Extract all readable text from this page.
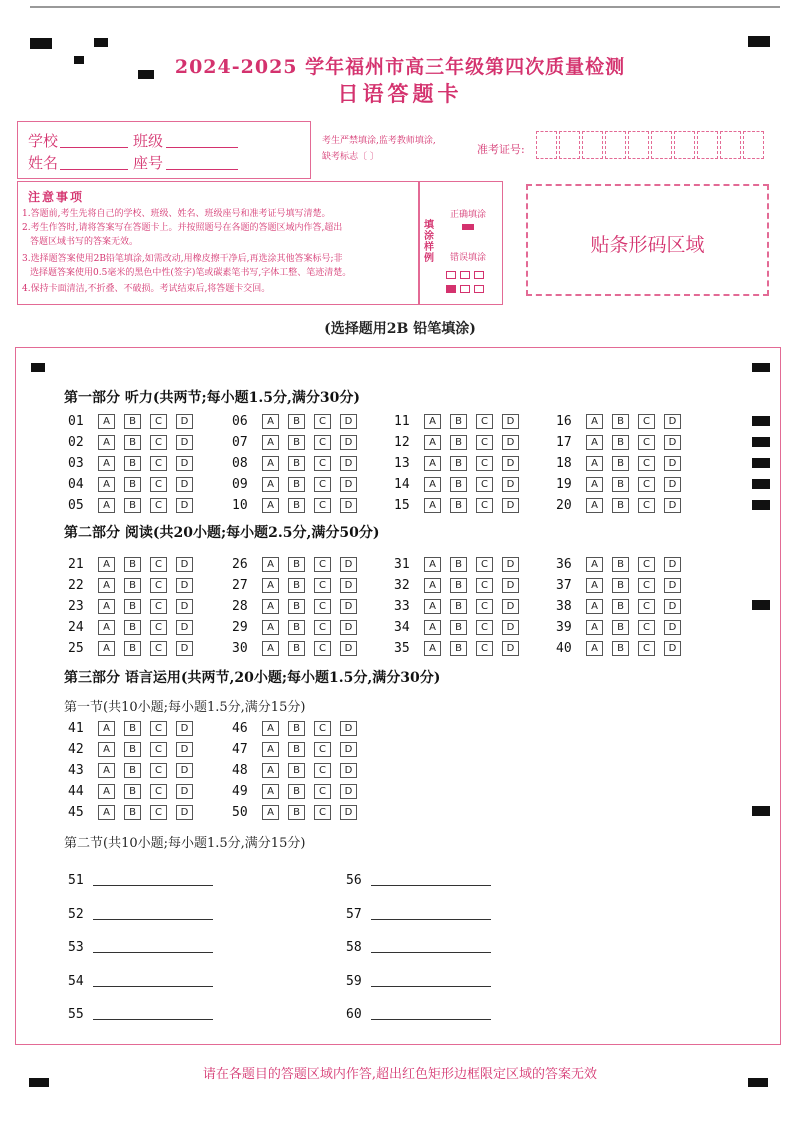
2024-2025 学年福州市高三年级第四次质量检测
日语答题卡
学校	班级
姓名	座号
考生严禁填涂,监考教师填涂,
缺考标志〔 〕
准考证号:
注意事项
1.答题前,考生先将自己的学校、班级、姓名、班级座号和准考证号填写清楚。
2.考生作答时,请将答案写在答题卡上。并按照题号在各题的答题区域内作答,超出
答题区域书写的答案无效。
3.选择题答案使用2B铅笔填涂,如需改动,用橡皮擦干净后,再选涂其他答案标号;非
选择题答案使用0.5毫米的黑色中性(签字)笔或碳素笔书写,字体工整、笔迹清楚。
4.保持卡面清洁,不折叠、不破损。考试结束后,将答题卡交回。
填涂样例
正确填涂
错误填涂
贴条形码区域
(选择题用2B 铅笔填涂)
第一部分 听力(共两节;每小题1.5分,满分30分)
第二部分 阅读(共20小题;每小题2.5分,满分50分)
第三部分 语言运用(共两节,20小题;每小题1.5分,满分30分)
第一节(共10小题;每小题1.5分,满分15分)
第二节(共10小题;每小题1.5分,满分15分)
01	A	B	C	D
02	A	B	C	D
03	A	B	C	D
04	A	B	C	D
05	A	B	C	D
06	A	B	C	D
07	A	B	C	D
08	A	B	C	D
09	A	B	C	D
10	A	B	C	D
11	A	B	C	D
12	A	B	C	D
13	A	B	C	D
14	A	B	C	D
15	A	B	C	D
16	A	B	C	D
17	A	B	C	D
18	A	B	C	D
19	A	B	C	D
20	A	B	C	D
21	A	B	C	D
22	A	B	C	D
23	A	B	C	D
24	A	B	C	D
25	A	B	C	D
26	A	B	C	D
27	A	B	C	D
28	A	B	C	D
29	A	B	C	D
30	A	B	C	D
31	A	B	C	D
32	A	B	C	D
33	A	B	C	D
34	A	B	C	D
35	A	B	C	D
36	A	B	C	D
37	A	B	C	D
38	A	B	C	D
39	A	B	C	D
40	A	B	C	D
41	A	B	C	D
42	A	B	C	D
43	A	B	C	D
44	A	B	C	D
45	A	B	C	D
46	A	B	C	D
47	A	B	C	D
48	A	B	C	D
49	A	B	C	D
50	A	B	C	D
51
52
53
54
55
56
57
58
59
60
请在各题目的答题区域内作答,超出红色矩形边框限定区域的答案无效
